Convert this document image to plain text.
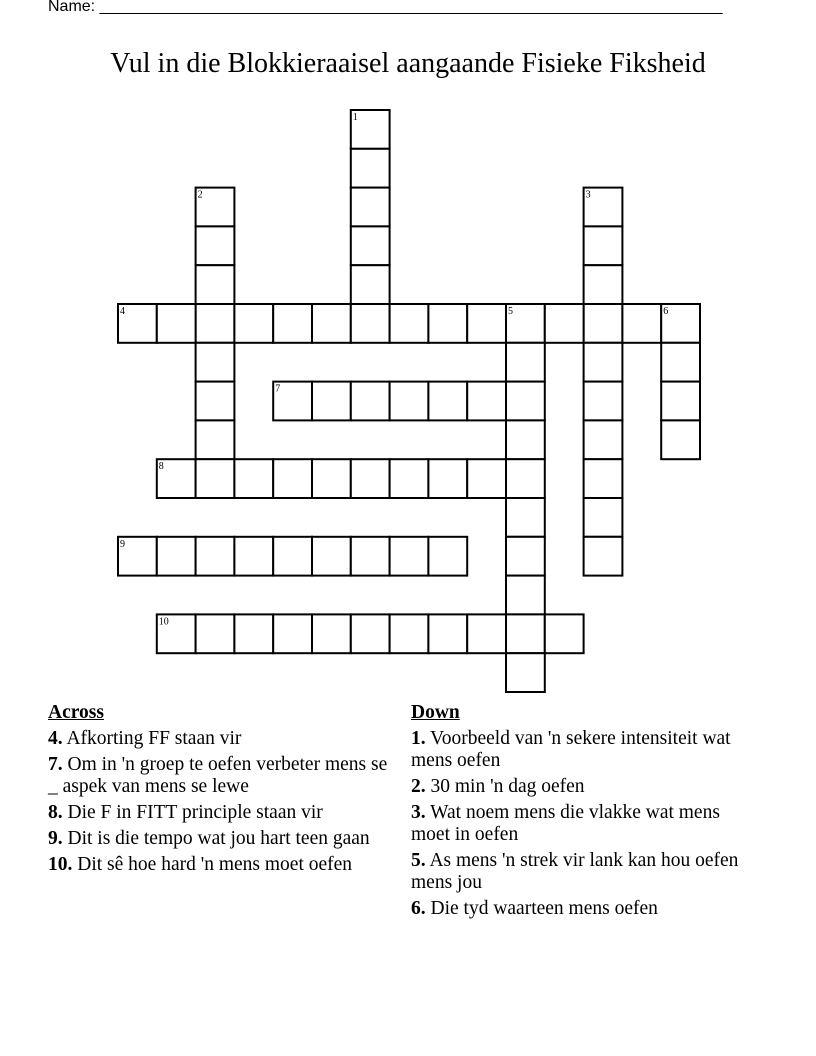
Name: ______________________________________________________________________
Vul in die Blokkieraaisel aangaande Fisieke Fiksheid
1
2	3
4	5	6
7
8
9
10
Across
4. Afkorting FF staan vir
7. Om in 'n groep te oefen verbeter mens se _ aspek van mens se lewe
8. Die F in FITT principle staan vir
9. Dit is die tempo wat jou hart teen gaan
10. Dit sê hoe hard 'n mens moet oefen
Down
1. Voorbeeld van 'n sekere intensiteit wat mens oefen
2. 30 min 'n dag oefen
3. Wat noem mens die vlakke wat mens moet in oefen
5. As mens 'n strek vir lank kan hou oefen mens jou
6. Die tyd waarteen mens oefen
